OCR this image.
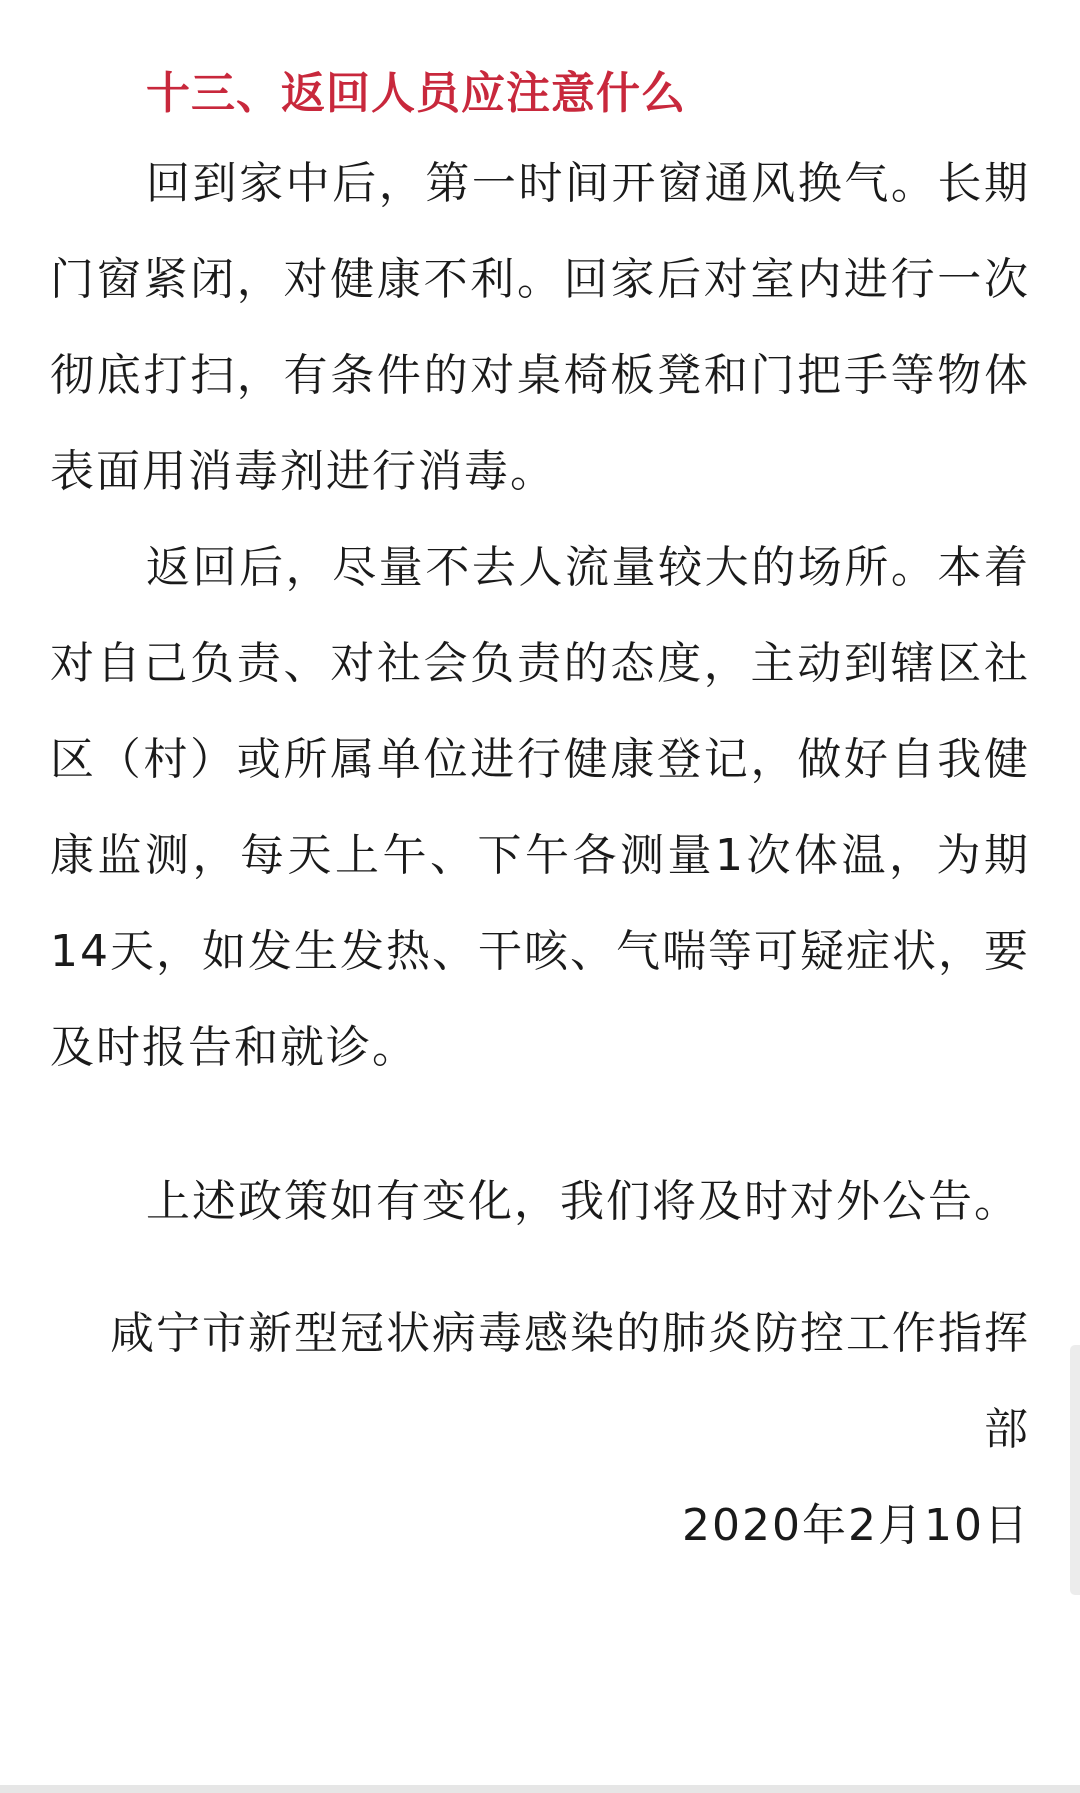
十三、返回人员应注意什么

回到家中后，第一时间开窗通风换气。长期门窗紧闭，对健康不利。回家后对室内进行一次彻底打扫，有条件的对桌椅板凳和门把手等物体表面用消毒剂进行消毒。

返回后，尽量不去人流量较大的场所。本着对自己负责、对社会负责的态度，主动到辖区社区（村）或所属单位进行健康登记，做好自我健康监测，每天上午、下午各测量1次体温，为期14天，如发生发热、干咳、气喘等可疑症状，要及时报告和就诊。

上述政策如有变化，我们将及时对外公告。

咸宁市新型冠状病毒感染的肺炎防控工作指挥部

2020年2月10日
